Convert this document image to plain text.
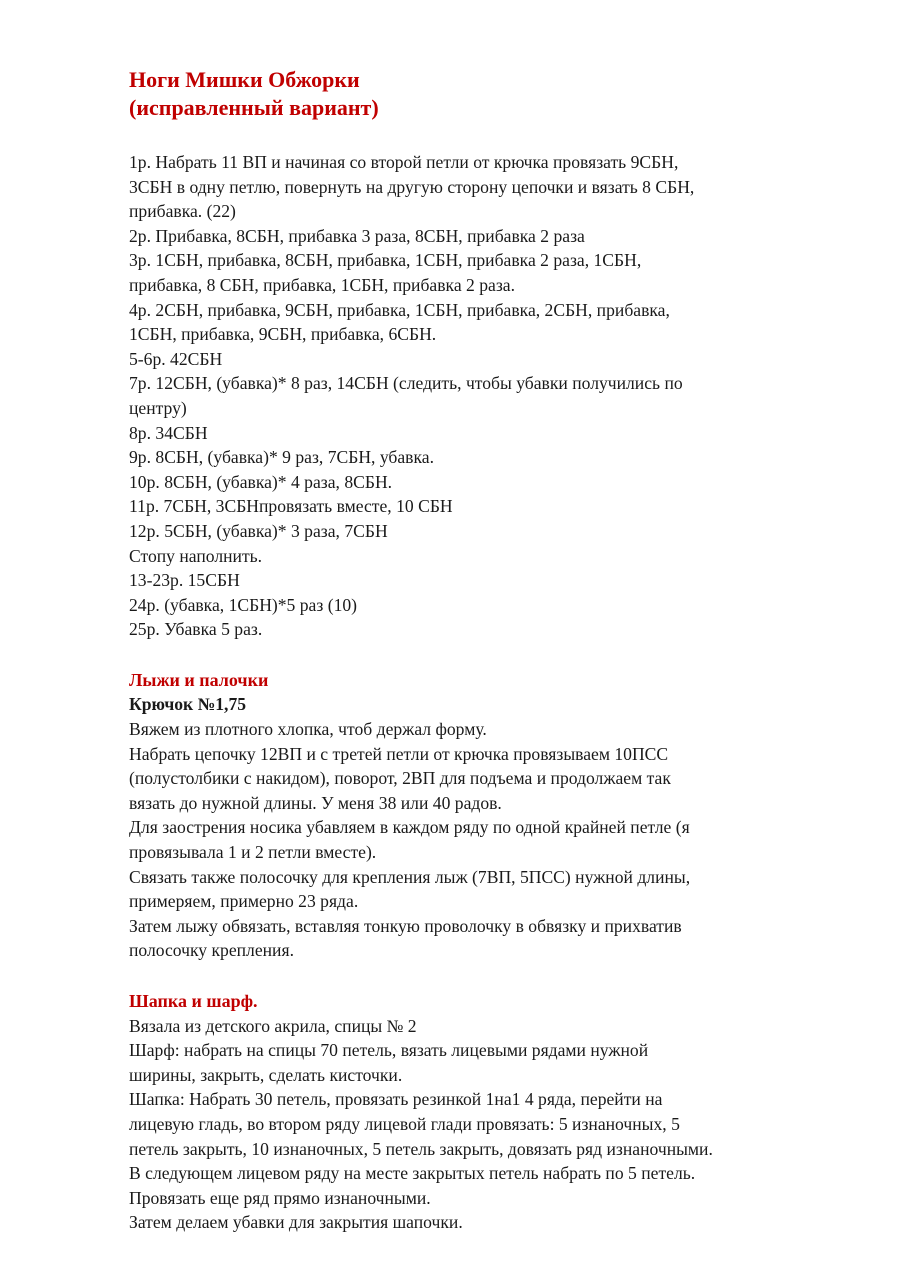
Ноги Мишки Обжорки
(исправленный вариант)

1р. Набрать 11 ВП и начиная со второй петли от крючка провязать 9СБН,

3СБН в одну петлю, повернуть на другую сторону цепочки и вязать 8 СБН,

прибавка. (22)

2р. Прибавка, 8СБН, прибавка 3 раза, 8СБН, прибавка 2 раза

3р. 1СБН, прибавка, 8СБН, прибавка, 1СБН, прибавка 2 раза, 1СБН,

прибавка, 8 СБН, прибавка, 1СБН, прибавка 2 раза.

4р. 2СБН, прибавка, 9СБН, прибавка, 1СБН, прибавка, 2СБН, прибавка,

1СБН, прибавка, 9СБН, прибавка, 6СБН.

5-6р. 42СБН

7р. 12СБН, (убавка)* 8 раз, 14СБН (следить, чтобы убавки получились по

центру)

8р. 34СБН

9р. 8СБН, (убавка)* 9 раз, 7СБН, убавка.

10р. 8СБН, (убавка)* 4 раза, 8СБН.

11р. 7СБН, 3СБНпровязать вместе, 10 СБН

12р. 5СБН, (убавка)* 3 раза, 7СБН

Стопу наполнить.

13-23р. 15СБН

24р. (убавка, 1СБН)*5 раз (10)

25р. Убавка 5 раз.

Лыжи и палочки

Крючок №1,75

Вяжем из плотного хлопка, чтоб держал форму.

Набрать цепочку 12ВП и с третей петли от крючка провязываем 10ПСС

(полустолбики с накидом), поворот, 2ВП для подъема и продолжаем так

вязать до нужной длины. У меня 38 или 40 радов.

Для заострения носика убавляем в каждом ряду по одной крайней петле (я

провязывала 1 и 2 петли вместе).

Связать также полосочку для крепления лыж (7ВП, 5ПСС) нужной длины,

примеряем, примерно 23 ряда.

Затем лыжу обвязать, вставляя тонкую проволочку в обвязку и прихватив

полосочку крепления.

Шапка и шарф.

Вязала из детского акрила, спицы № 2

Шарф: набрать на спицы 70 петель, вязать лицевыми рядами нужной

ширины, закрыть, сделать кисточки.

Шапка: Набрать 30 петель, провязать резинкой 1на1 4 ряда, перейти на

лицевую гладь, во втором ряду лицевой глади провязать: 5 изнаночных, 5

петель закрыть, 10 изнаночных, 5 петель закрыть, довязать ряд изнаночными.

В следующем лицевом ряду на месте закрытых петель набрать по 5 петель.

Провязать еще ряд прямо изнаночными.

Затем делаем убавки для закрытия шапочки.
